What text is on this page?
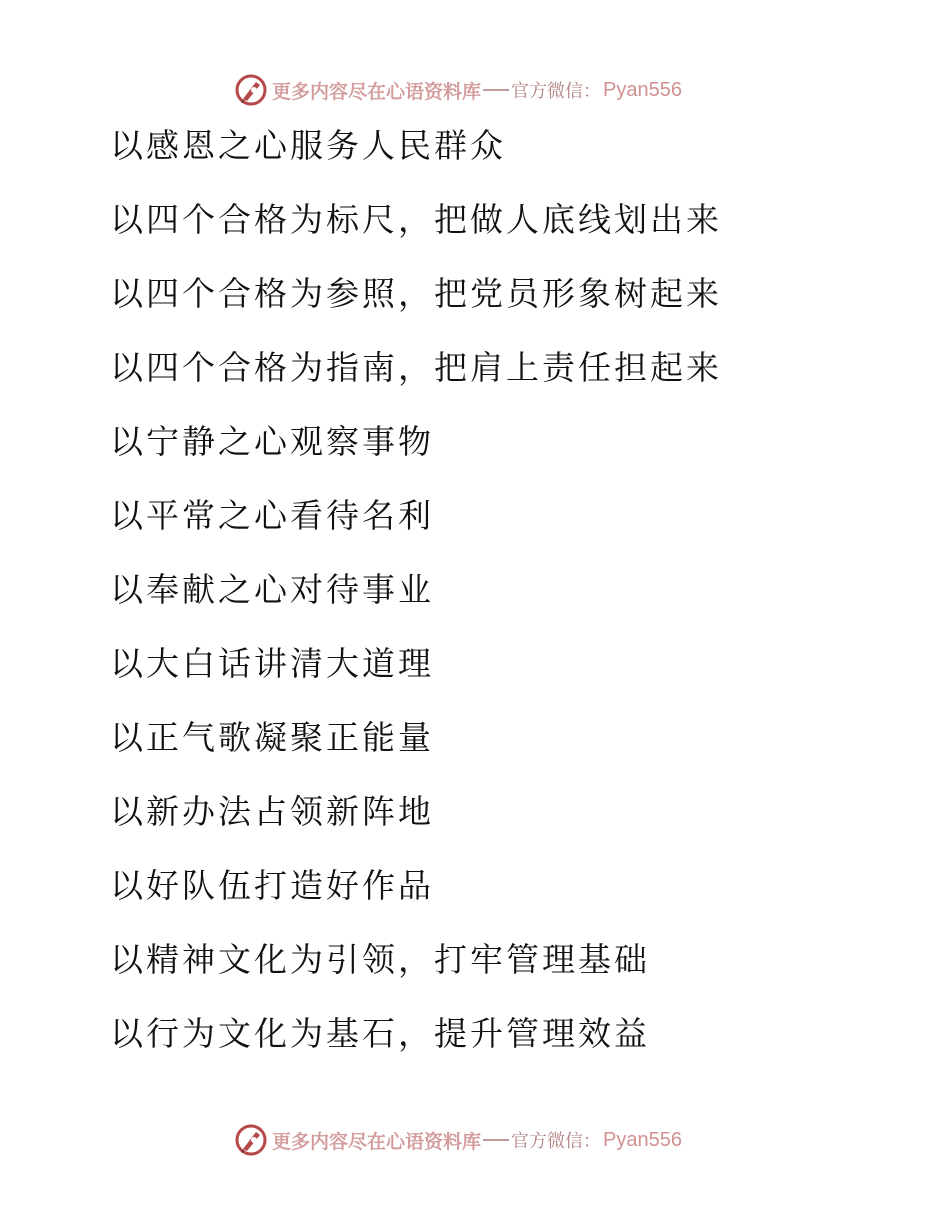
更多内容尽在心语资料库 官方微信： Pyan556
以感恩之心服务人民群众
以四个合格为标尺，把做人底线划出来
以四个合格为参照，把党员形象树起来
以四个合格为指南，把肩上责任担起来
以宁静之心观察事物
以平常之心看待名利
以奉献之心对待事业
以大白话讲清大道理
以正气歌凝聚正能量
以新办法占领新阵地
以好队伍打造好作品
以精神文化为引领，打牢管理基础
以行为文化为基石，提升管理效益
更多内容尽在心语资料库 官方微信： Pyan556
